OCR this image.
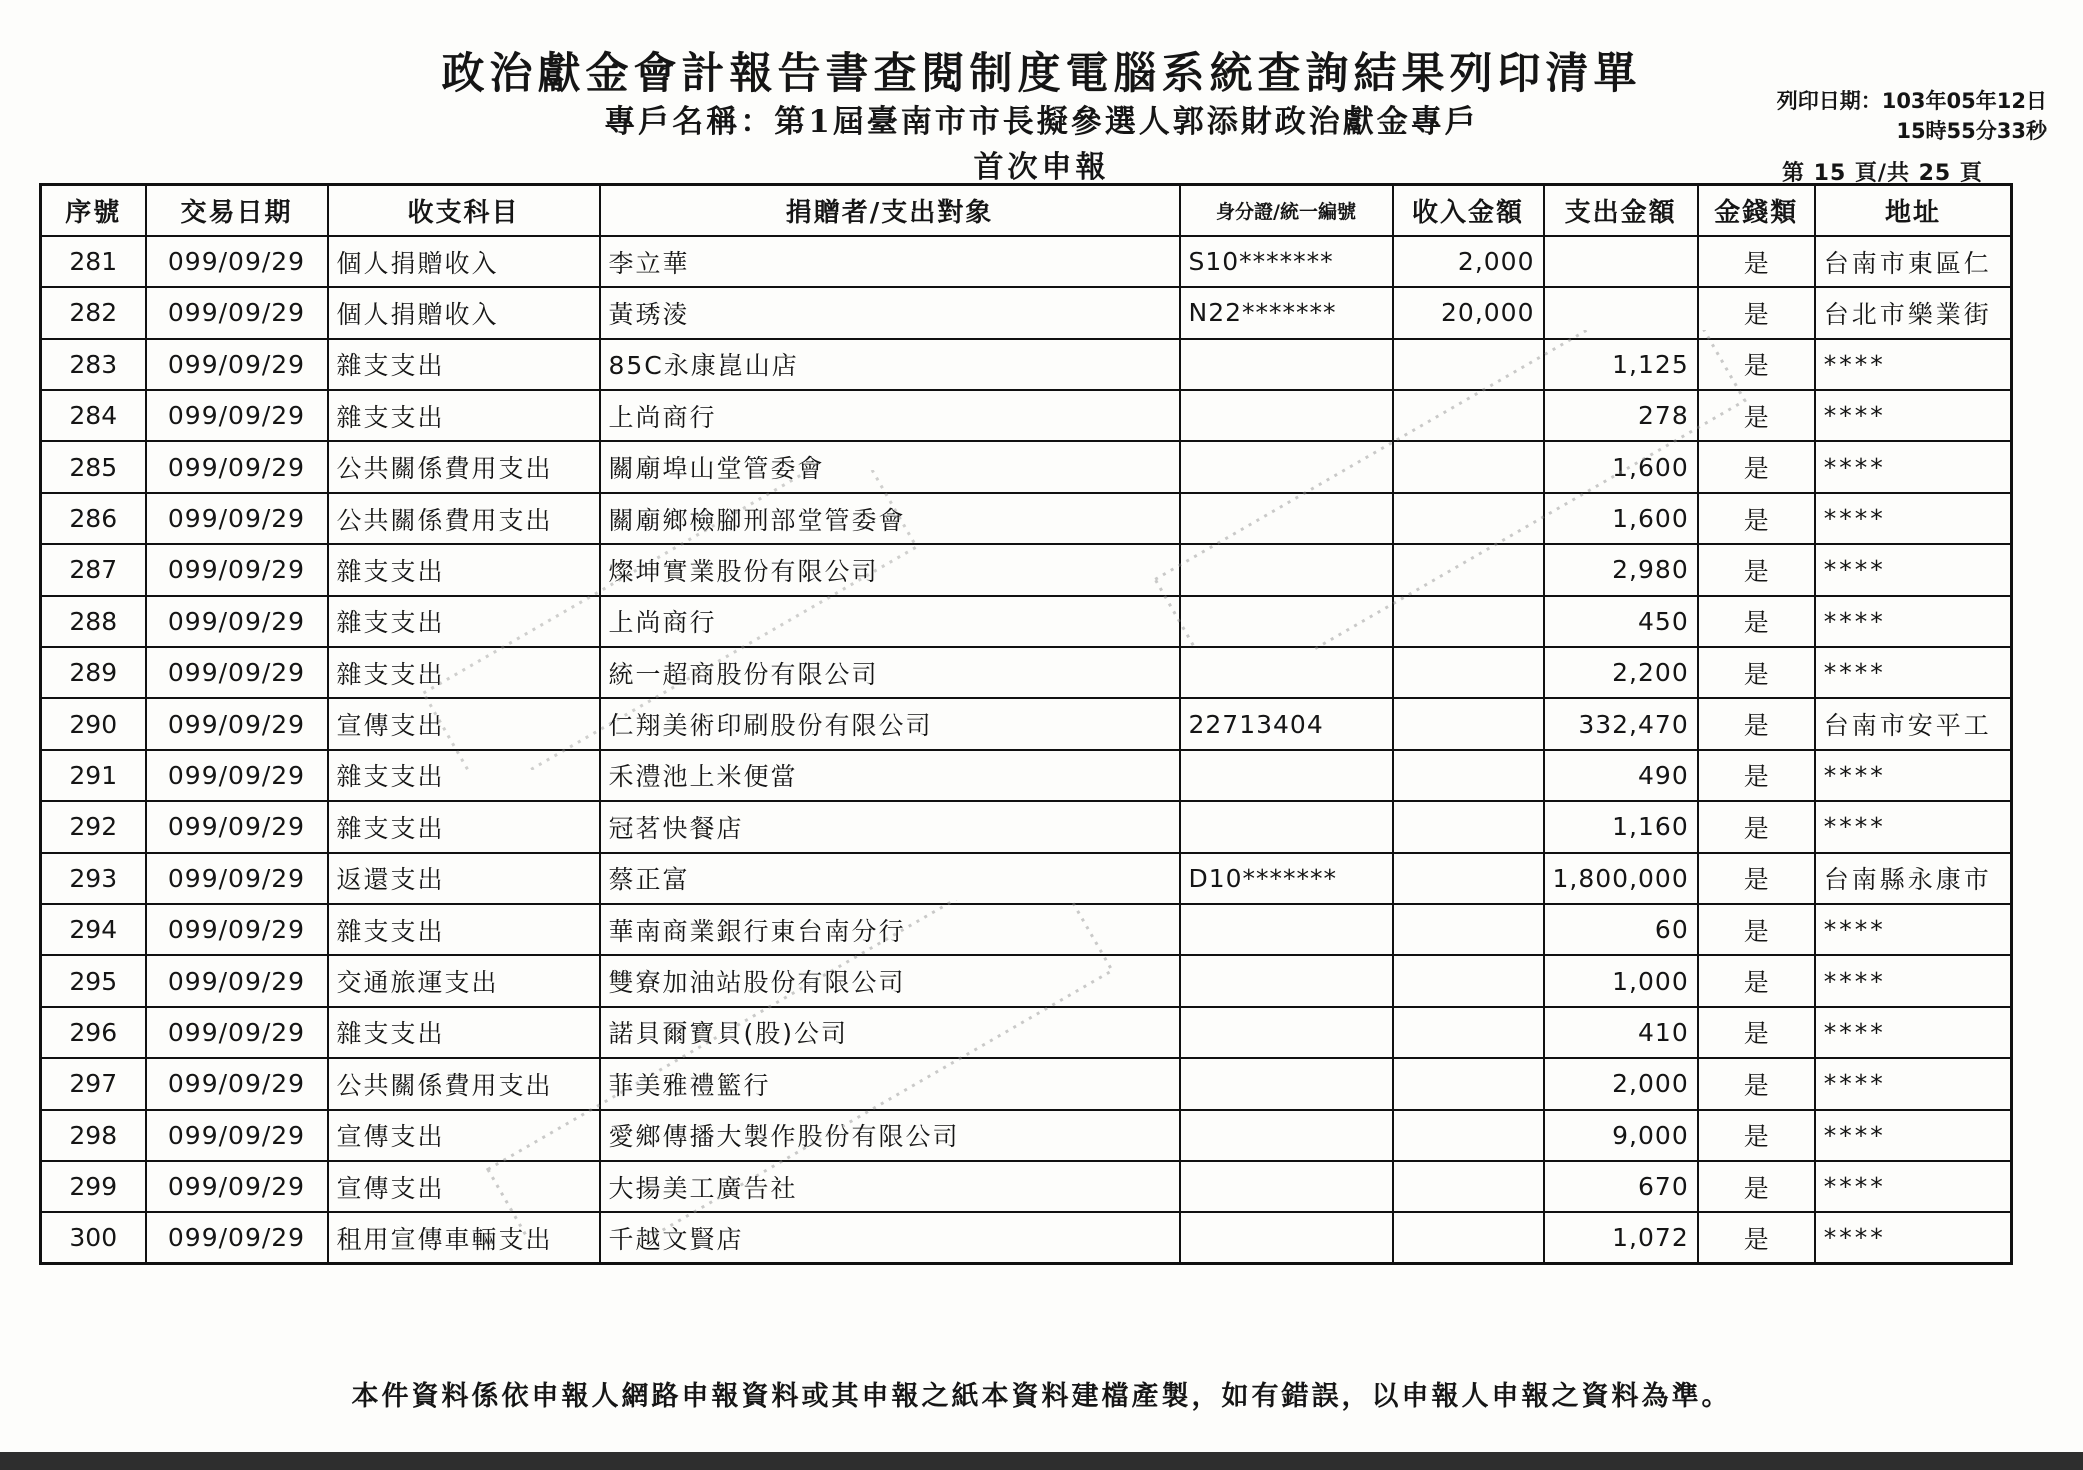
政治獻金會計報告書查閱制度電腦系統查詢結果列印清單
專戶名稱：第1屆臺南市市長擬參選人郭添財政治獻金專戶
首次申報
列印日期：103年05年12日
15時55分33秒
第 15 頁/共 25 頁
序號	交易日期	收支科目	捐贈者/支出對象	身分證/統一編號	收入金額	支出金額	金錢類	地址
281	099/09/29	個人捐贈收入	李立華	S10*******	2,000		是	台南市東區仁
282	099/09/29	個人捐贈收入	黃琇淩	N22*******	20,000		是	台北市樂業街
283	099/09/29	雜支支出	85C永康崑山店			1,125	是	****
284	099/09/29	雜支支出	上尚商行			278	是	****
285	099/09/29	公共關係費用支出	關廟埠山堂管委會			1,600	是	****
286	099/09/29	公共關係費用支出	關廟鄉檢腳刑部堂管委會			1,600	是	****
287	099/09/29	雜支支出	燦坤實業股份有限公司			2,980	是	****
288	099/09/29	雜支支出	上尚商行			450	是	****
289	099/09/29	雜支支出	統一超商股份有限公司			2,200	是	****
290	099/09/29	宣傳支出	仁翔美術印刷股份有限公司	22713404		332,470	是	台南市安平工
291	099/09/29	雜支支出	禾澧池上米便當			490	是	****
292	099/09/29	雜支支出	冠茗快餐店			1,160	是	****
293	099/09/29	返還支出	蔡正富	D10*******		1,800,000	是	台南縣永康市
294	099/09/29	雜支支出	華南商業銀行東台南分行			60	是	****
295	099/09/29	交通旅運支出	雙寮加油站股份有限公司			1,000	是	****
296	099/09/29	雜支支出	諾貝爾寶貝(股)公司			410	是	****
297	099/09/29	公共關係費用支出	菲美雅禮籃行			2,000	是	****
298	099/09/29	宣傳支出	愛鄉傳播大製作股份有限公司			9,000	是	****
299	099/09/29	宣傳支出	大揚美工廣告社			670	是	****
300	099/09/29	租用宣傳車輛支出	千越文賢店			1,072	是	****
本件資料係依申報人網路申報資料或其申報之紙本資料建檔產製，如有錯誤，以申報人申報之資料為準。
